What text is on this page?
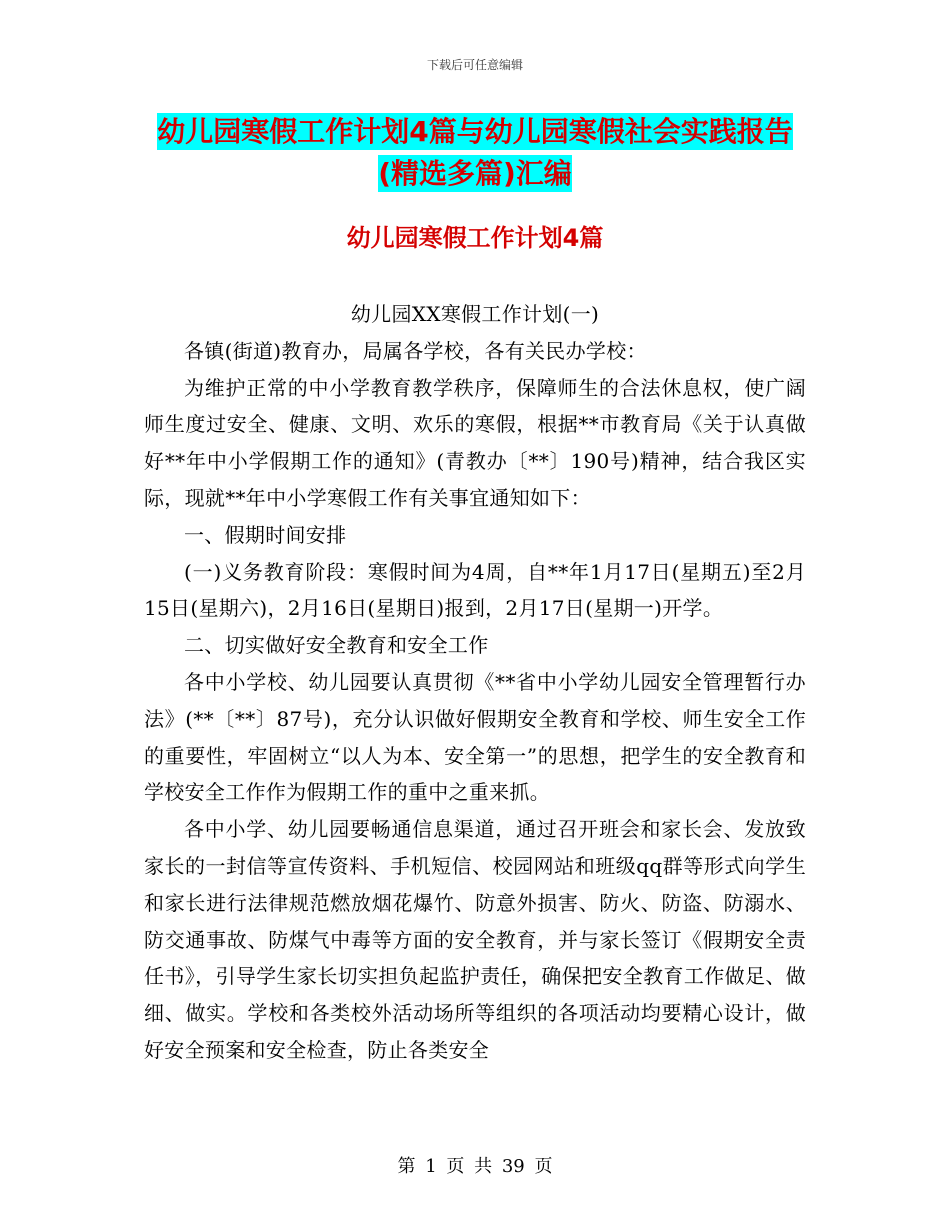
下载后可任意编辑
幼儿园寒假工作计划4篇与幼儿园寒假社会实践报告
(精选多篇)汇编
幼儿园寒假工作计划4篇

幼儿园XX寒假工作计划(一)

各镇(街道)教育办，局属各学校，各有关民办学校：

为维护正常的中小学教育教学秩序，保障师生的合法休息权，使广阔师生度过安全、健康、文明、欢乐的寒假，根据**市教育局《关于认真做好**年中小学假期工作的通知》(青教办〔**〕190号)精神，结合我区实际，现就**年中小学寒假工作有关事宜通知如下：

一、假期时间安排

(一)义务教育阶段：寒假时间为4周，自**年1月17日(星期五)至2月15日(星期六)，2月16日(星期日)报到，2月17日(星期一)开学。

二、切实做好安全教育和安全工作

各中小学校、幼儿园要认真贯彻《**省中小学幼儿园安全管理暂行办法》(**〔**〕87号)，充分认识做好假期安全教育和学校、师生安全工作的重要性，牢固树立“以人为本、安全第一”的思想，把学生的安全教育和学校安全工作作为假期工作的重中之重来抓。

各中小学、幼儿园要畅通信息渠道，通过召开班会和家长会、发放致家长的一封信等宣传资料、手机短信、校园网站和班级qq群等形式向学生和家长进行法律规范燃放烟花爆竹、防意外损害、防火、防盗、防溺水、防交通事故、防煤气中毒等方面的安全教育，并与家长签订《假期安全责任书》，引导学生家长切实担负起监护责任，确保把安全教育工作做足、做细、做实。学校和各类校外活动场所等组织的各项活动均要精心设计，做好安全预案和安全检查，防止各类安全

第 1 页 共 39 页
